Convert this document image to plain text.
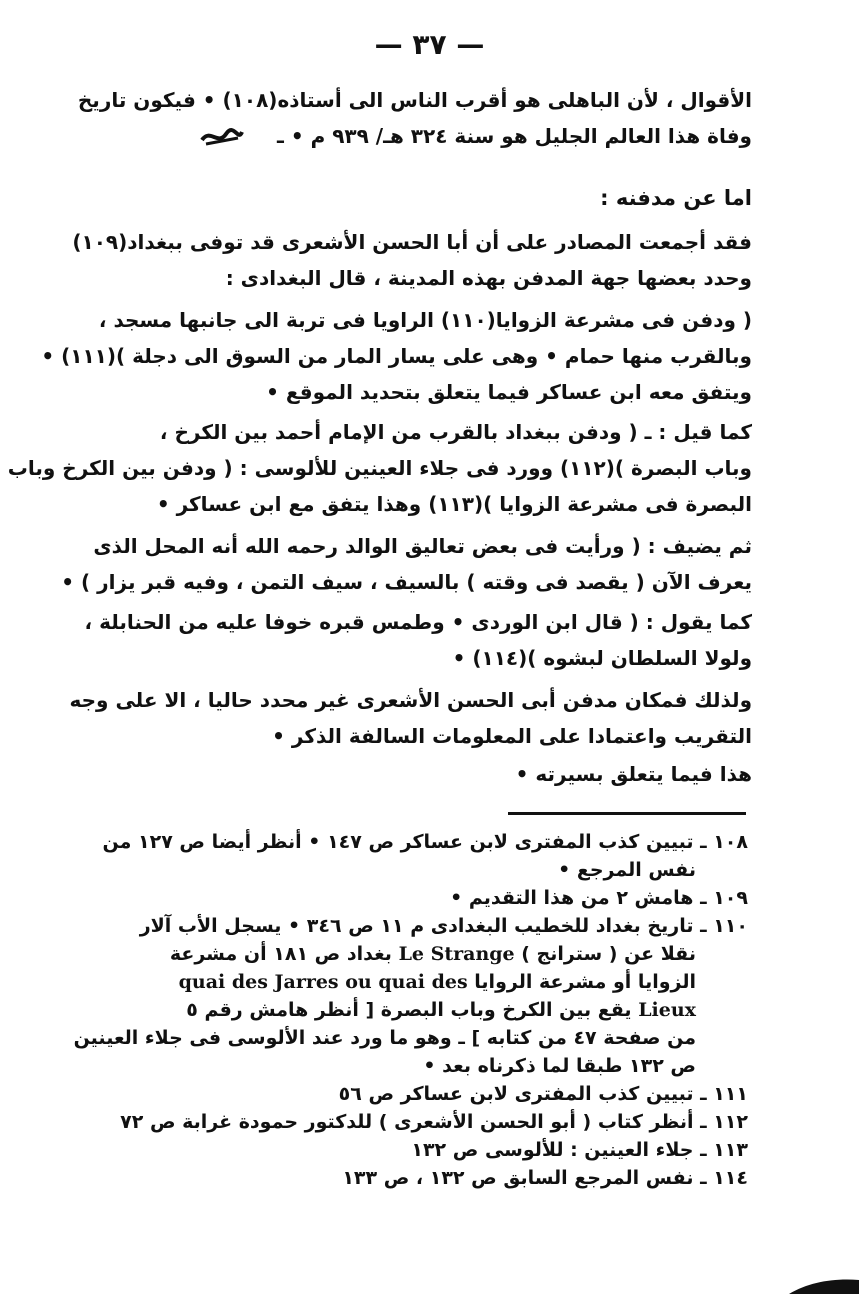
— ٣٧ —
الأقوال ، لأن الباهلى هو أقرب الناس الى أستاذه(١٠٨) • فيكون تاريخ
وفاة هذا العالم الجليل هو سنة ٣٢٤ هـ/ ٩٣٩ م • ـ
اما عن مدفنه :
فقد أجمعت المصادر على أن أبا الحسن الأشعرى قد توفى ببغداد(١٠٩)
وحدد بعضها جهة المدفن بهذه المدينة ، قال البغدادى :
( ودفن فى مشرعة الزوايا(١١٠) الراويا فى تربة الى جانبها مسجد ،
وبالقرب منها حمام • وهى على يسار المار من السوق الى دجلة )(١١١) •
ويتفق معه ابن عساكر فيما يتعلق بتحديد الموقع •
كما قيل : ـ ( ودفن ببغداد بالقرب من الإمام أحمد بين الكرخ ،
وباب البصرة )(١١٢) وورد فى جلاء العينين للألوسى : ( ودفن بين الكرخ وباب
البصرة فى مشرعة الزوايا )(١١٣) وهذا يتفق مع ابن عساكر •
ثم يضيف : ( ورأيت فى بعض تعاليق الوالد رحمه الله أنه المحل الذى
يعرف الآن ( يقصد فى وقته ) بالسيف ، سيف التمن ، وفيه قبر يزار ) •
كما يقول : ( قال ابن الوردى • وطمس قبره خوفا عليه من الحنابلة ،
ولولا السلطان لبشوه )(١١٤) •
ولذلك فمكان مدفن أبى الحسن الأشعرى غير محدد حاليا ، الا على وجه
التقريب واعتمادا على المعلومات السالفة الذكر •
هذا فيما يتعلق بسيرته •
١٠٨ ـ تبيين كذب المفترى لابن عساكر ص ١٤٧ • أنظر أيضا ص ١٢٧ من
نفس المرجع •
١٠٩ ـ هامش ٢ من هذا التقديم •
١١٠ ـ تاريخ بغداد للخطيب البغدادى م ١١ ص ٣٤٦ • يسجل الأب آلار
نقلا عن ( سترانج ) Le Strange بغداد ص ١٨١ أن مشرعة
الزوايا أو مشرعة الروايا quai des Jarres ou quai des
Lieux يقع بين الكرخ وباب البصرة [ أنظر هامش رقم ٥
من صفحة ٤٧ من كتابه ] ـ وهو ما ورد عند الألوسى فى جلاء العينين
ص ١٣٢ طبقا لما ذكرناه بعد •
١١١ ـ تبيين كذب المفترى لابن عساكر ص ٥٦
١١٢ ـ أنظر كتاب ( أبو الحسن الأشعرى ) للدكتور حمودة غرابة ص ٧٢
١١٣ ـ جلاء العينين : للألوسى ص ١٣٢
١١٤ ـ نفس المرجع السابق ص ١٣٢ ، ص ١٣٣
